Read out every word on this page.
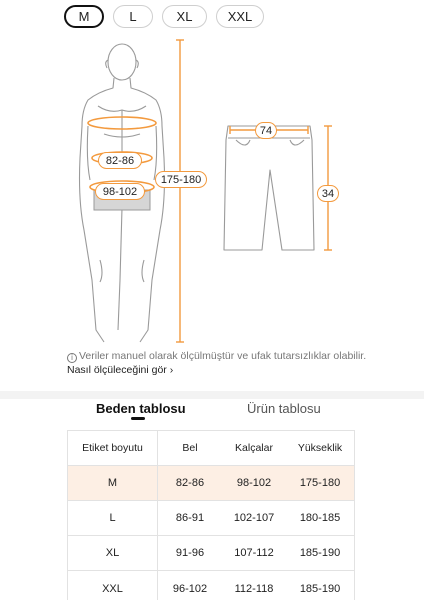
M	L	XL	XXL
82-86
98-102
175-180
74
34
i Veriler manuel olarak ölçülmüştür ve ufak tutarsızlıklar olabilir. Nasıl ölçüleceğini gör ›
Beden tablosu	Ürün tablosu
Etiket boyutu	Bel	Kalçalar	Yükseklik
M	82-86	98-102	175-180
L	86-91	102-107	180-185
XL	91-96	107-112	185-190
XXL	96-102	112-118	185-190
